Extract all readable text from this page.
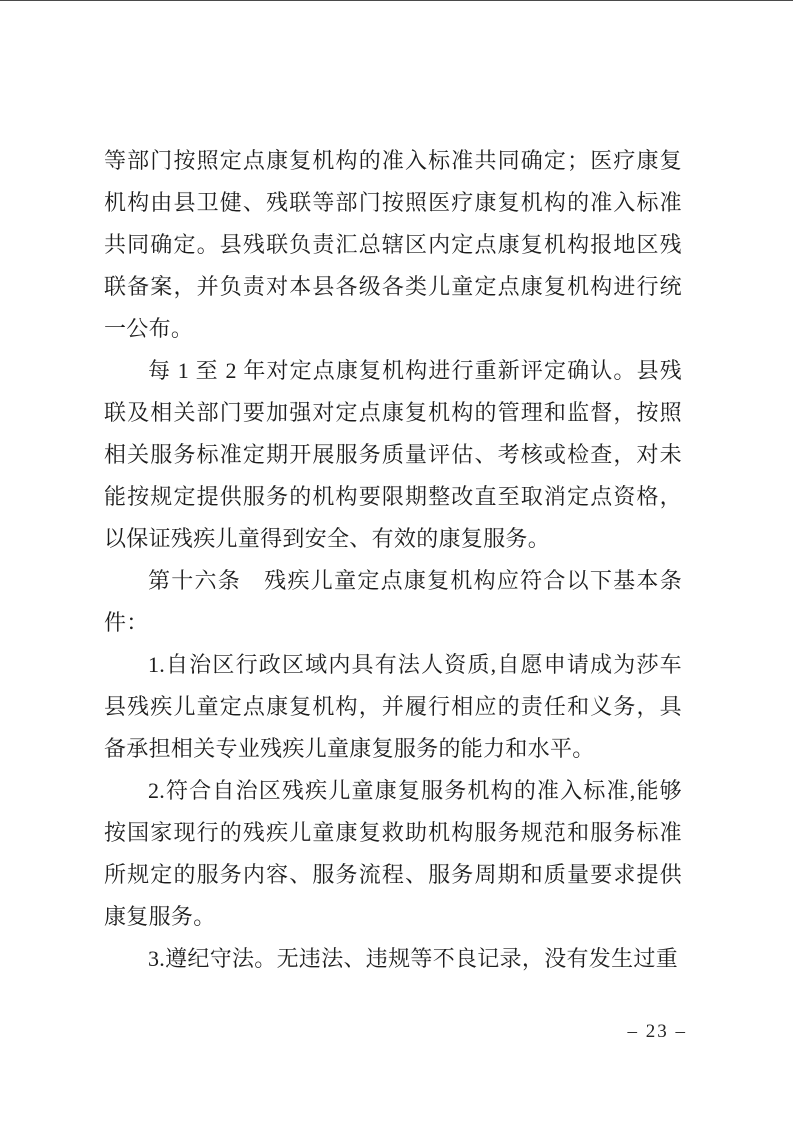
等部门按照定点康复机构的准入标准共同确定；医疗康复机构由县卫健、残联等部门按照医疗康复机构的准入标准共同确定。县残联负责汇总辖区内定点康复机构报地区残联备案，并负责对本县各级各类儿童定点康复机构进行统一公布。

每 1 至 2 年对定点康复机构进行重新评定确认。县残联及相关部门要加强对定点康复机构的管理和监督，按照相关服务标准定期开展服务质量评估、考核或检查，对未能按规定提供服务的机构要限期整改直至取消定点资格，以保证残疾儿童得到安全、有效的康复服务。

第十六条　残疾儿童定点康复机构应符合以下基本条件：

1.自治区行政区域内具有法人资质,自愿申请成为莎车县残疾儿童定点康复机构，并履行相应的责任和义务，具备承担相关专业残疾儿童康复服务的能力和水平。

2.符合自治区残疾儿童康复服务机构的准入标准,能够按国家现行的残疾儿童康复救助机构服务规范和服务标准所规定的服务内容、服务流程、服务周期和质量要求提供康复服务。

3.遵纪守法。无违法、违规等不良记录，没有发生过重

– 23 –
